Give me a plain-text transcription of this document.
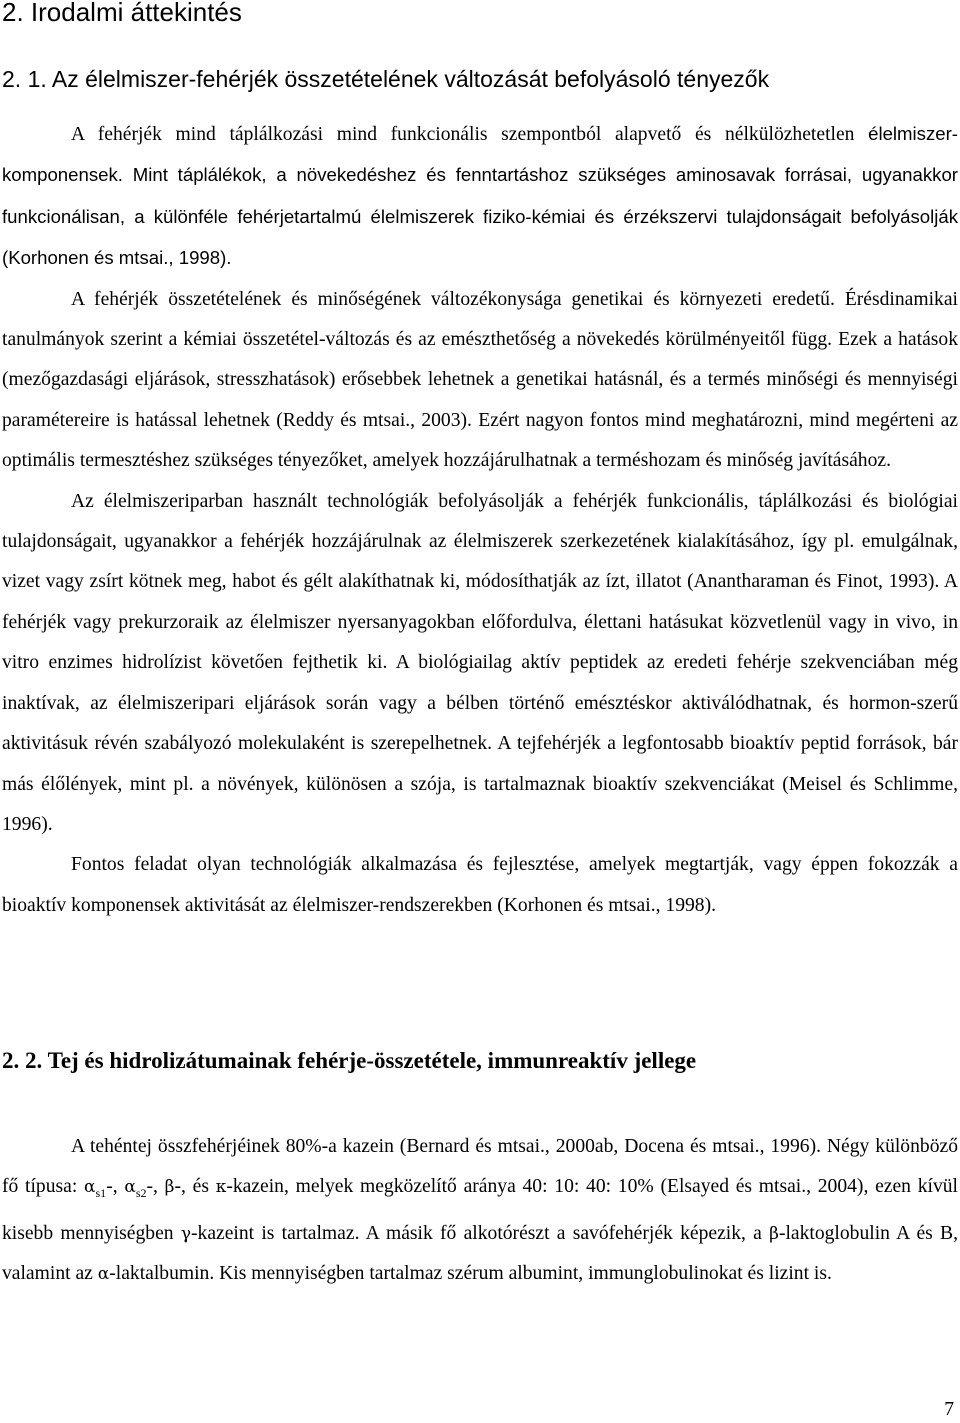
2. Irodalmi áttekintés
2. 1. Az élelmiszer-fehérjék összetételének változását befolyásoló tényezők

A fehérjék mind táplálkozási mind funkcionális szempontból alapvető és nélkülözhetetlen élelmiszer-komponensek. Mint táplálékok, a növekedéshez és fenntartáshoz szükséges aminosavak forrásai, ugyanakkor funkcionálisan, a különféle fehérjetartalmú élelmiszerek fiziko-kémiai és érzékszervi tulajdonságait befolyásolják (Korhonen és mtsai., 1998).

A fehérjék összetételének és minőségének változékonysága genetikai és környezeti eredetű. Érésdinamikai tanulmányok szerint a kémiai összetétel-változás és az emészthetőség a növekedés körülményeitől függ. Ezek a hatások (mezőgazdasági eljárások, stresszhatások) erősebbek lehetnek a genetikai hatásnál, és a termés minőségi és mennyiségi paramétereire is hatással lehetnek (Reddy és mtsai., 2003). Ezért nagyon fontos mind meghatározni, mind megérteni az optimális termesztéshez szükséges tényezőket, amelyek hozzájárulhatnak a terméshozam és minőség javításához.

Az élelmiszeriparban használt technológiák befolyásolják a fehérjék funkcionális, táplálkozási és biológiai tulajdonságait, ugyanakkor a fehérjék hozzájárulnak az élelmiszerek szerkezetének kialakításához, így pl. emulgálnak, vizet vagy zsírt kötnek meg, habot és gélt alakíthatnak ki, módosíthatják az ízt, illatot (Anantharaman és Finot, 1993). A fehérjék vagy prekurzoraik az élelmiszer nyersanyagokban előfordulva, élettani hatásukat közvetlenül vagy in vivo, in vitro enzimes hidrolízist követően fejthetik ki. A biológiailag aktív peptidek az eredeti fehérje szekvenciában még inaktívak, az élelmiszeripari eljárások során vagy a bélben történő emésztéskor aktiválódhatnak, és hormon-szerű aktivitásuk révén szabályozó molekulaként is szerepelhetnek. A tejfehérjék a legfontosabb bioaktív peptid források, bár más élőlények, mint pl. a növények, különösen a szója, is tartalmaznak bioaktív szekvenciákat (Meisel és Schlimme, 1996).

Fontos feladat olyan technológiák alkalmazása és fejlesztése, amelyek megtartják, vagy éppen fokozzák a bioaktív komponensek aktivitását az élelmiszer-rendszerekben (Korhonen és mtsai., 1998).

2. 2. Tej és hidrolizátumainak fehérje-összetétele, immunreaktív jellege

A tehéntej összfehérjéinek 80%-a kazein (Bernard és mtsai., 2000ab, Docena és mtsai., 1996). Négy különböző fő típusa: $\alpha_{s1}-$, $\alpha_{s2}-$, β-, és κ-kazein, melyek megközelítő aránya 40: 10: 40: 10% (Elsayed és mtsai., 2004), ezen kívül kisebb mennyiségben γ-kazeint is tartalmaz. A másik fő alkotórészt a savófehérjék képezik, a β-laktoglobulin A és B, valamint az α-laktalbumin. Kis mennyiségben tartalmaz szérum albumint, immunglobulinokat és lizint is.

7
